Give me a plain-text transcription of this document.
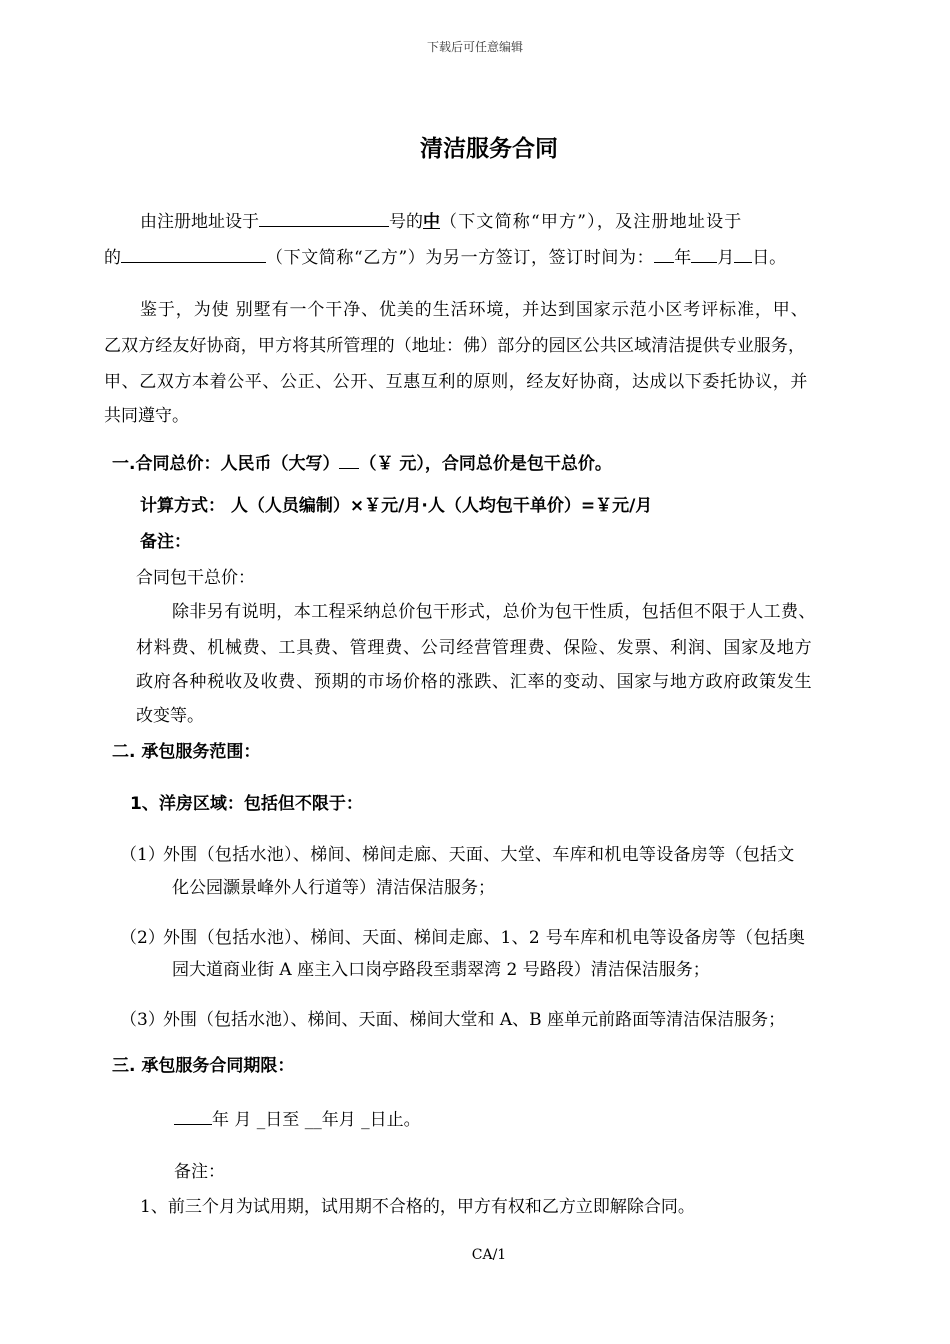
下载后可任意编辑
清洁服务合同
由注册地址设于	号的中（下文简称“甲方”），及注册地址设于
的	（下文简称“乙方”）为另一方签订，签订时间为： 年 月 日。
鉴于，为使 别墅有一个干净、优美的生活环境，并达到国家示范小区考评标准，甲、
乙双方经友好协商，甲方将其所管理的（地址：佛）部分的园区公共区域清洁提供专业服务，
甲、乙双方本着公平、公正、公开、互惠互利的原则，经友好协商，达成以下委托协议，并
共同遵守。
一.合同总价：人民币（大写） （￥ 元），合同总价是包干总价。
计算方式： 人（人员编制）×￥元/月·人（人均包干单价）=￥元/月
备注：
合同包干总价：
除非另有说明，本工程采纳总价包干形式，总价为包干性质，包括但不限于人工费、
材料费、机械费、工具费、管理费、公司经营管理费、保险、发票、利润、国家及地方
政府各种税收及收费、预期的市场价格的涨跌、汇率的变动、国家与地方政府政策发生
改变等。
二. 承包服务范围：
1、洋房区域：包括但不限于：
（1）
外围（包括水池）、梯间、梯间走廊、天面、大堂、车库和机电等设备房等（包括文
化公园灏景峰外人行道等）清洁保洁服务；
（2）
外围（包括水池）、梯间、天面、梯间走廊、1、2 号车库和机电等设备房等（包括奥
园大道商业街 A 座主入口岗亭路段至翡翠湾 2 号路段）清洁保洁服务；
（3）
外围（包括水池）、梯间、天面、梯间大堂和 A、B 座单元前路面等清洁保洁服务；
三. 承包服务合同期限：
年 月 _日至 __年月 _日止。
备注：
1、前三个月为试用期，试用期不合格的，甲方有权和乙方立即解除合同。
CA/1
